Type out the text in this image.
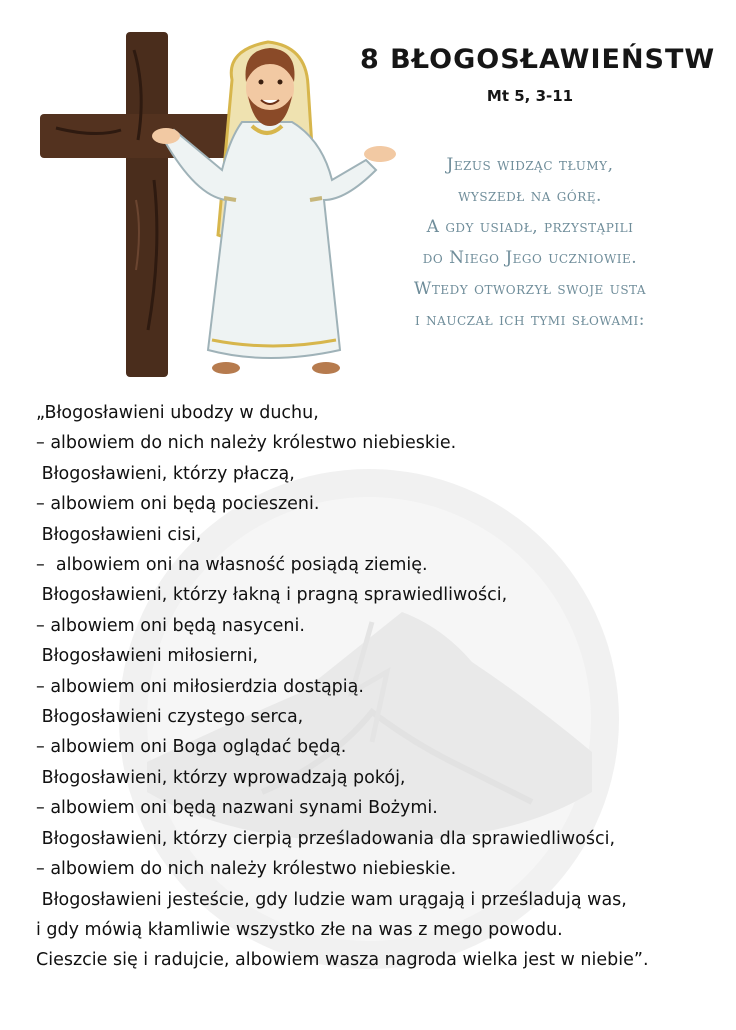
8 BŁOGOSŁAWIEŃSTW
Mt 5, 3-11
Jezus widząc tłumy,
wyszedł na górę.
A gdy usiadł, przystąpili
do Niego Jego uczniowie.
Wtedy otworzył swoje usta
i nauczał ich tymi słowami:
„Błogosławieni ubodzy w duchu,
– albowiem do nich należy królestwo niebieskie.
Błogosławieni, którzy płaczą,
– albowiem oni będą pocieszeni.
Błogosławieni cisi,
–  albowiem oni na własność posiądą ziemię.
Błogosławieni, którzy łakną i pragną sprawiedliwości,
– albowiem oni będą nasyceni.
Błogosławieni miłosierni,
– albowiem oni miłosierdzia dostąpią.
Błogosławieni czystego serca,
– albowiem oni Boga oglądać będą.
Błogosławieni, którzy wprowadzają pokój,
– albowiem oni będą nazwani synami Bożymi.
Błogosławieni, którzy cierpią prześladowania dla sprawiedliwości,
– albowiem do nich należy królestwo niebieskie.
Błogosławieni jesteście, gdy ludzie wam urągają i prześladują was,
i gdy mówią kłamliwie wszystko złe na was z mego powodu.
Cieszcie się i radujcie, albowiem wasza nagroda wielka jest w niebie”.
